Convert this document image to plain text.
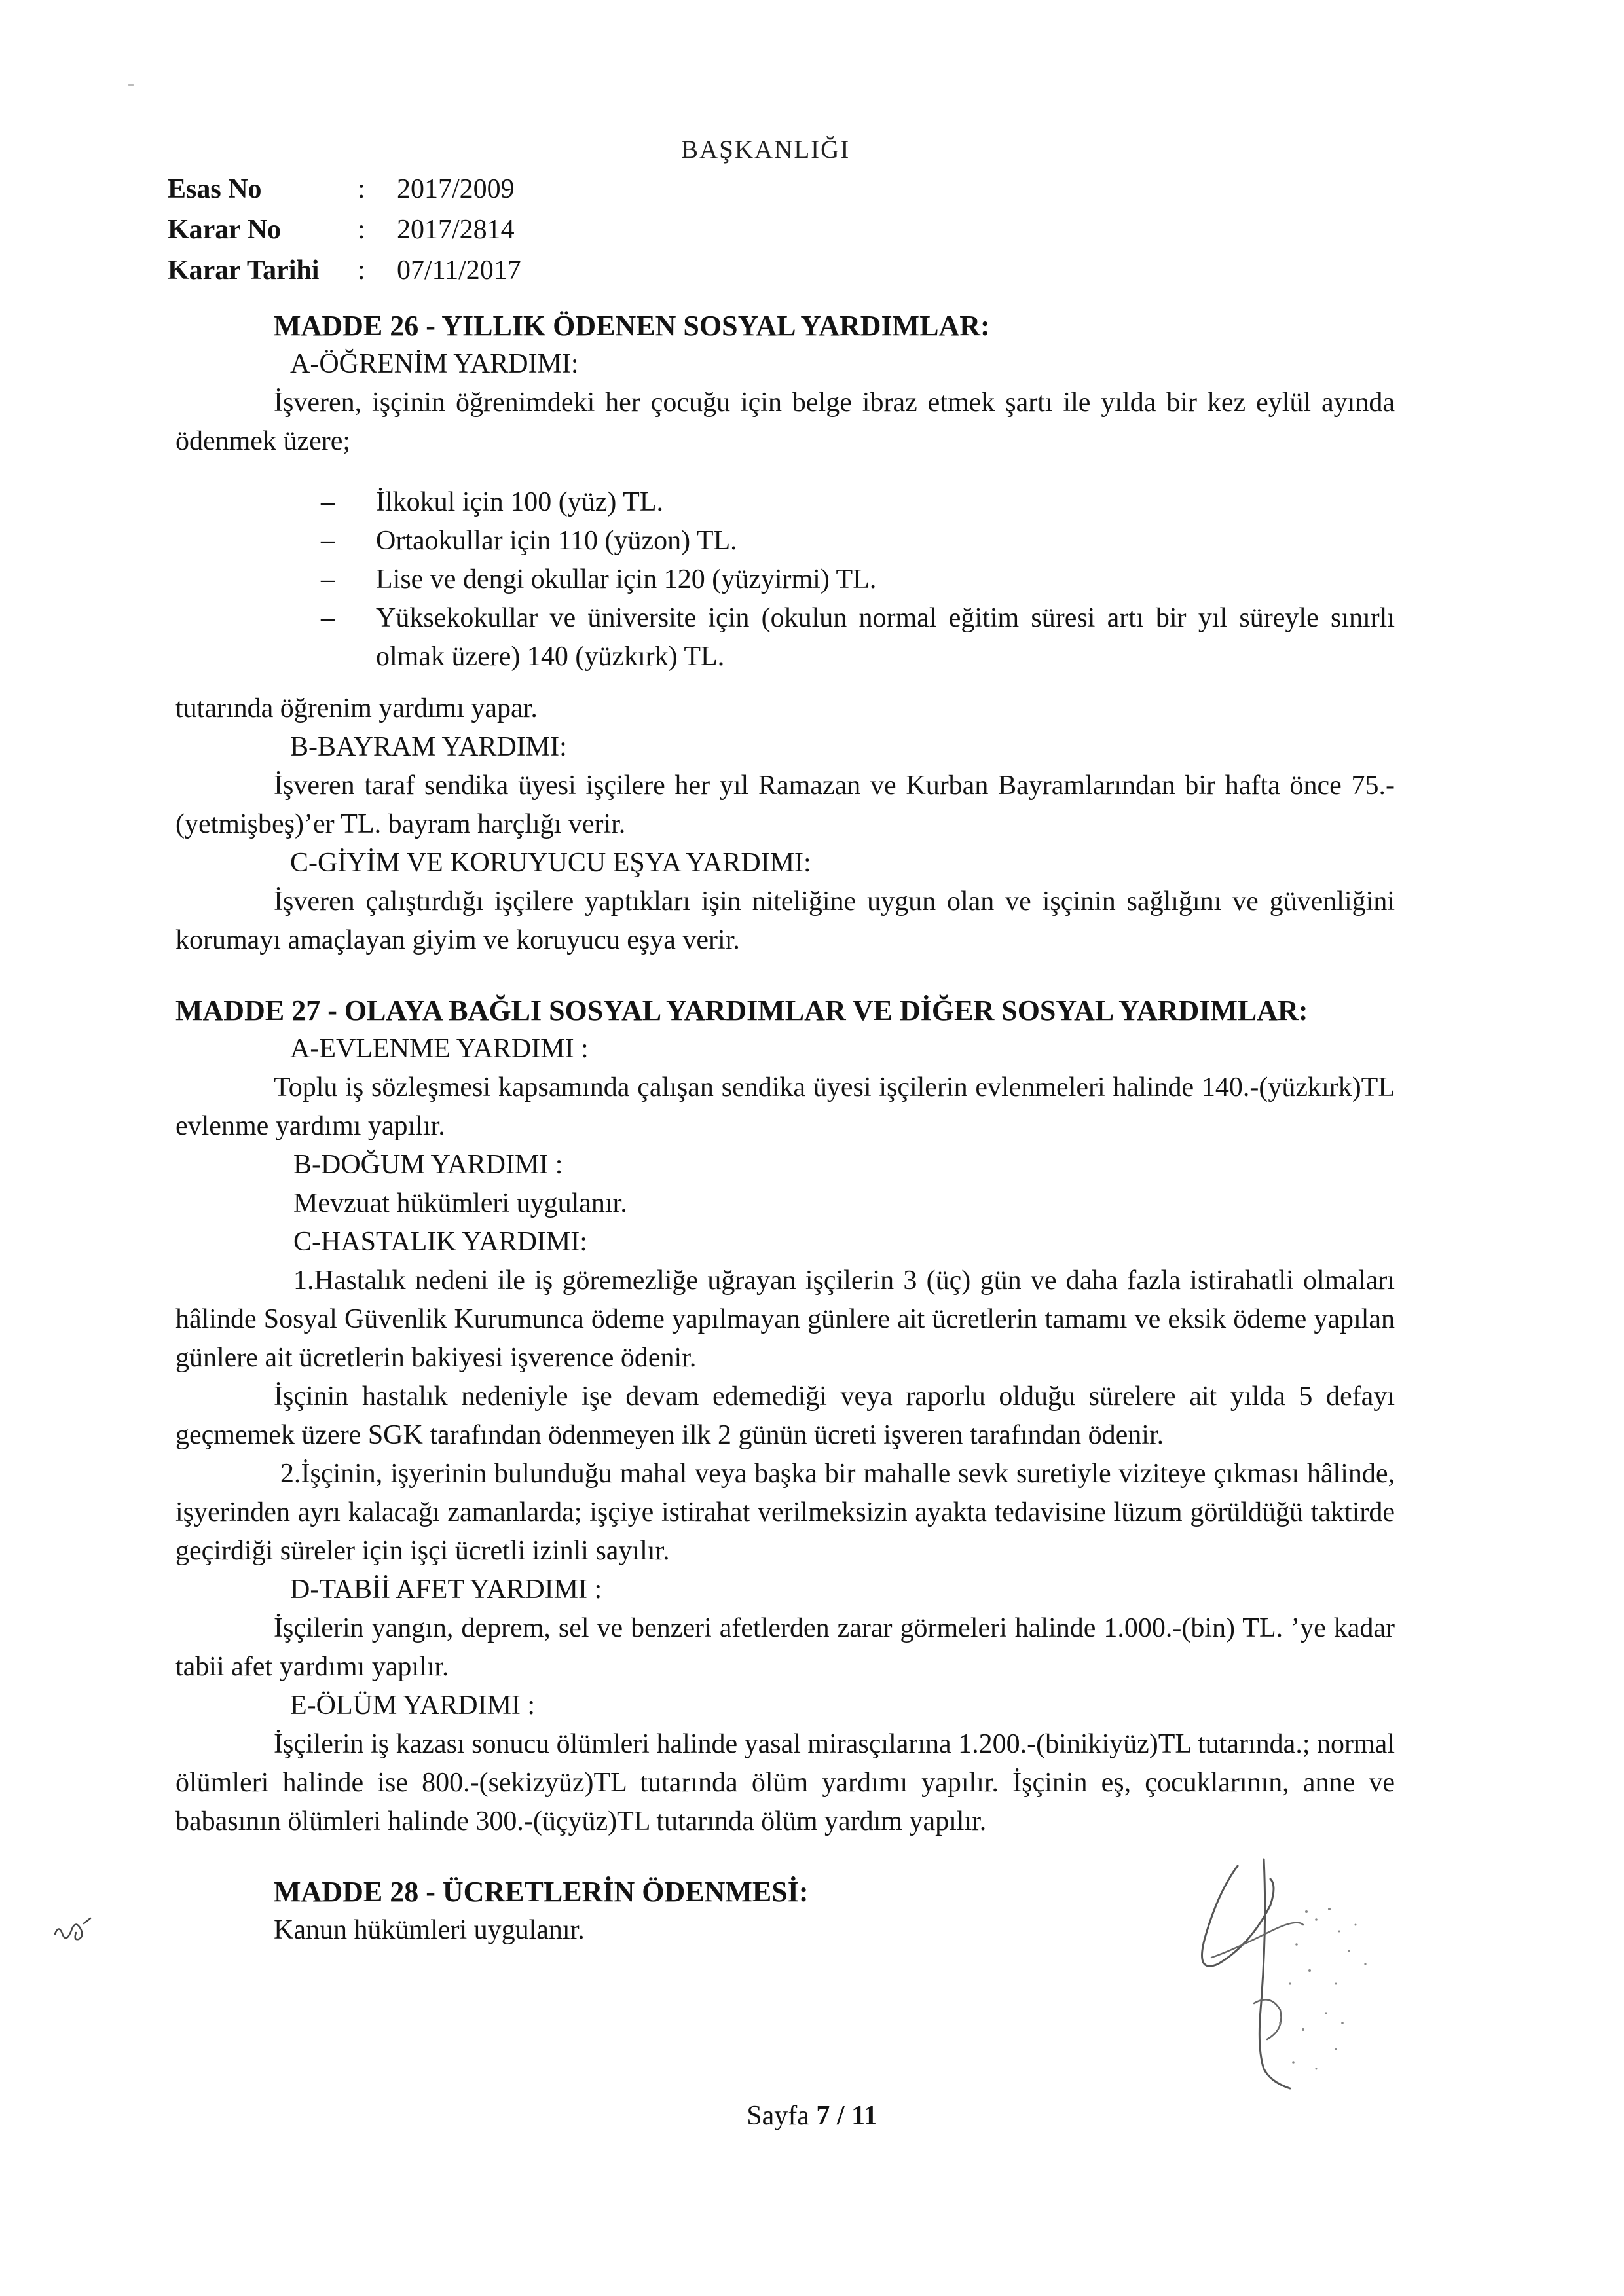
BAŞKANLIĞI
Esas No	: 2017/2009
Karar No	: 2017/2814
Karar Tarihi : 07/11/2017

MADDE 26 - YILLIK ÖDENEN SOSYAL YARDIMLAR:

A-ÖĞRENİM YARDIMI:

İşveren, işçinin öğrenimdeki her çocuğu için belge ibraz etmek şartı ile yılda bir kez eylül ayında ödenmek üzere;

– İlkokul için 100 (yüz) TL.
– Ortaokullar için 110 (yüzon) TL.
– Lise ve dengi okullar için 120 (yüzyirmi) TL.
– Yüksekokullar ve üniversite için (okulun normal eğitim süresi artı bir yıl süreyle sınırlı olmak üzere) 140 (yüzkırk) TL.

tutarında öğrenim yardımı yapar.

B-BAYRAM YARDIMI:

İşveren taraf sendika üyesi işçilere her yıl Ramazan ve Kurban Bayramlarından bir hafta önce 75.-(yetmişbeş)’er TL. bayram harçlığı verir.

C-GİYİM VE KORUYUCU EŞYA YARDIMI:

İşveren çalıştırdığı işçilere yaptıkları işin niteliğine uygun olan ve işçinin sağlığını ve güvenliğini korumayı amaçlayan giyim ve koruyucu eşya verir.

MADDE 27 - OLAYA BAĞLI SOSYAL YARDIMLAR VE DİĞER SOSYAL YARDIMLAR:

A-EVLENME YARDIMI :

Toplu iş sözleşmesi kapsamında çalışan sendika üyesi işçilerin evlenmeleri halinde 140.-(yüzkırk)TL evlenme yardımı yapılır.

B-DOĞUM YARDIMI :

Mevzuat hükümleri uygulanır.

C-HASTALIK YARDIMI:

1.Hastalık nedeni ile iş göremezliğe uğrayan işçilerin 3 (üç) gün ve daha fazla istirahatli olmaları hâlinde Sosyal Güvenlik Kurumunca ödeme yapılmayan günlere ait ücretlerin tamamı ve eksik ödeme yapılan günlere ait ücretlerin bakiyesi işverence ödenir.

İşçinin hastalık nedeniyle işe devam edemediği veya raporlu olduğu sürelere ait yılda 5 defayı geçmemek üzere SGK tarafından ödenmeyen ilk 2 günün ücreti işveren tarafından ödenir.

2.İşçinin, işyerinin bulunduğu mahal veya başka bir mahalle sevk suretiyle viziteye çıkması hâlinde, işyerinden ayrı kalacağı zamanlarda; işçiye istirahat verilmeksizin ayakta tedavisine lüzum görüldüğü taktirde geçirdiği süreler için işçi ücretli izinli sayılır.

D-TABİİ AFET YARDIMI :

İşçilerin yangın, deprem, sel ve benzeri afetlerden zarar görmeleri halinde 1.000.-(bin) TL. ’ye kadar tabii afet yardımı yapılır.

E-ÖLÜM YARDIMI :

İşçilerin iş kazası sonucu ölümleri halinde yasal mirasçılarına 1.200.-(binikiyüz)TL tutarında.; normal ölümleri halinde ise 800.-(sekizyüz)TL tutarında ölüm yardımı yapılır. İşçinin eş, çocuklarının, anne ve babasının ölümleri halinde 300.-(üçyüz)TL tutarında ölüm yardım yapılır.

MADDE 28 - ÜCRETLERİN ÖDENMESİ:

Kanun hükümleri uygulanır.

Sayfa 7 / 11
